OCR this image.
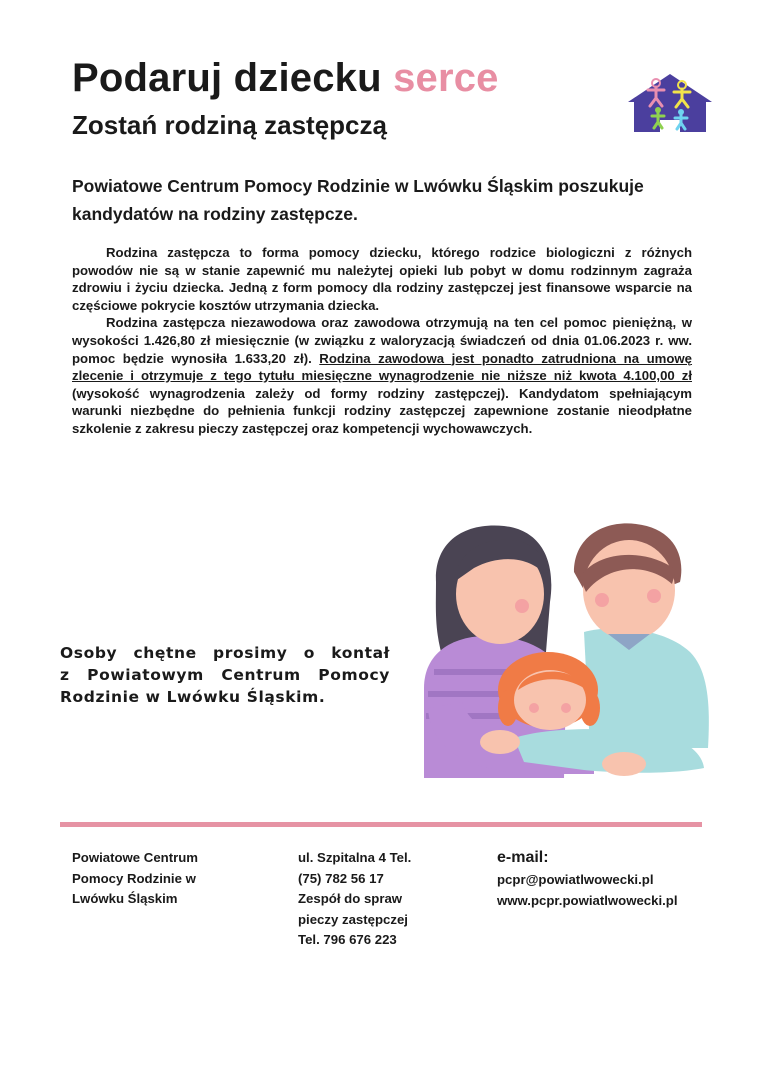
Podaruj dziecku serce
Zostań rodziną zastępczą
Powiatowe Centrum Pomocy Rodzinie w Lwówku Śląskim poszukuje kandydatów na rodziny zastępcze.

Rodzina zastępcza to forma pomocy dziecku, którego rodzice biologiczni z różnych powodów nie są w stanie zapewnić mu należytej opieki lub pobyt w domu rodzinnym zagraża zdrowiu i życiu dziecka. Jedną z form pomocy dla rodziny zastępczej jest finansowe wsparcie na częściowe pokrycie kosztów utrzymania dziecka.

Rodzina zastępcza niezawodowa oraz zawodowa otrzymują na ten cel pomoc pieniężną, w wysokości 1.426,80 zł miesięcznie (w związku z waloryzacją świadczeń od dnia 01.06.2023 r. ww. pomoc będzie wynosiła 1.633,20 zł). Rodzina zawodowa jest ponadto zatrudniona na umowę zlecenie i otrzymuje z tego tytułu miesięczne wynagrodzenie nie niższe niż kwota 4.100,00 zł (wysokość wynagrodzenia zależy od formy rodziny zastępczej). Kandydatom spełniającym warunki niezbędne do pełnienia funkcji rodziny zastępczej zapewnione zostanie nieodpłatne szkolenie z zakresu pieczy zastępczej oraz kompetencji wychowawczych.

Osoby chętne prosimy o kontał
z Powiatowym Centrum Pomocy
Rodzinie w Lwówku Śląskim.
Powiatowe Centrum
Pomocy Rodzinie w
Lwówku Śląskim
ul. Szpitalna 4 Tel.
(75) 782 56 17
Zespół do spraw
pieczy zastępczej
Tel. 796 676 223
e-mail:
pcpr@powiatlwowecki.pl
www.pcpr.powiatlwowecki.pl
